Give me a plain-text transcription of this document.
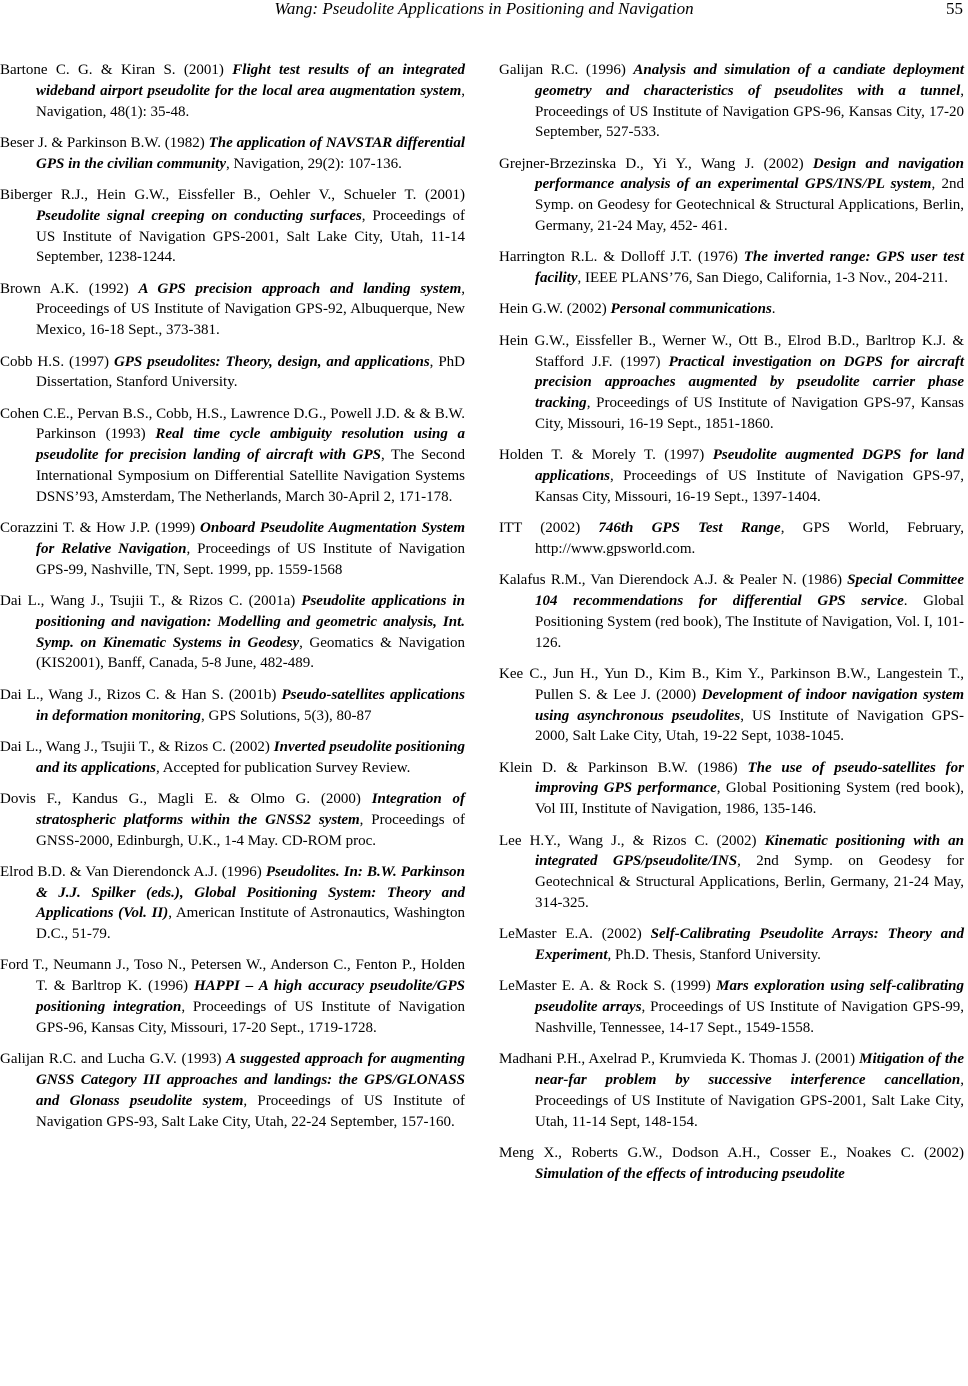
Wang: Pseudolite Applications in Positioning and Navigation	55

Bartone C. G. & Kiran S. (2001) Flight test results of an integrated wideband airport pseudolite for the local area augmentation system, Navigation, 48(1): 35-48.

Beser J. & Parkinson B.W. (1982) The application of NAVSTAR differential GPS in the civilian community, Navigation, 29(2): 107-136.

Biberger R.J., Hein G.W., Eissfeller B., Oehler V., Schueler T. (2001) Pseudolite signal creeping on conducting surfaces, Proceedings of US Institute of Navigation GPS-2001, Salt Lake City, Utah, 11-14 September, 1238-1244.

Brown A.K. (1992) A GPS precision approach and landing system, Proceedings of US Institute of Navigation GPS-92, Albuquerque, New Mexico, 16-18 Sept., 373-381.

Cobb H.S. (1997) GPS pseudolites: Theory, design, and applications, PhD Dissertation, Stanford University.

Cohen C.E., Pervan B.S., Cobb, H.S., Lawrence D.G., Powell J.D. & & B.W. Parkinson (1993) Real time cycle ambiguity resolution using a pseudolite for precision landing of aircraft with GPS, The Second International Symposium on Differential Satellite Navigation Systems DSNS’93, Amsterdam, The Netherlands, March 30-April 2, 171-178.

Corazzini T. & How J.P. (1999) Onboard Pseudolite Augmentation System for Relative Navigation, Proceedings of US Institute of Navigation GPS-99, Nashville, TN, Sept. 1999, pp. 1559-1568

Dai L., Wang J., Tsujii T., & Rizos C. (2001a) Pseudolite applications in positioning and navigation: Modelling and geometric analysis, Int. Symp. on Kinematic Systems in Geodesy, Geomatics & Navigation (KIS2001), Banff, Canada, 5-8 June, 482-489.

Dai L., Wang J., Rizos C. & Han S. (2001b) Pseudo-satellites applications in deformation monitoring, GPS Solutions, 5(3), 80-87

Dai L., Wang J., Tsujii T., & Rizos C. (2002) Inverted pseudolite positioning and its applications, Accepted for publication Survey Review.

Dovis F., Kandus G., Magli E. & Olmo G. (2000) Integration of stratospheric platforms within the GNSS2 system, Proceedings of GNSS-2000, Edinburgh, U.K., 1-4 May. CD-ROM proc.

Elrod B.D. & Van Dierendonck A.J. (1996) Pseudolites. In: B.W. Parkinson & J.J. Spilker (eds.), Global Positioning System: Theory and Applications (Vol. II), American Institute of Astronautics, Washington D.C., 51-79.

Ford T., Neumann J., Toso N., Petersen W., Anderson C., Fenton P., Holden T. & Barltrop K. (1996) HAPPI – A high accuracy pseudolite/GPS positioning integration, Proceedings of US Institute of Navigation GPS-96, Kansas City, Missouri, 17-20 Sept., 1719-1728.

Galijan R.C. and Lucha G.V. (1993) A suggested approach for augmenting GNSS Category III approaches and landings: the GPS/GLONASS and Glonass pseudolite system, Proceedings of US Institute of Navigation GPS-93, Salt Lake City, Utah, 22-24 September, 157-160.

Galijan R.C. (1996) Analysis and simulation of a candiate deployment geometry and characteristics of pseudolites with a tunnel, Proceedings of US Institute of Navigation GPS-96, Kansas City, 17-20 September, 527-533.

Grejner-Brzezinska D., Yi Y., Wang J. (2002) Design and navigation performance analysis of an experimental GPS/INS/PL system, 2nd Symp. on Geodesy for Geotechnical & Structural Applications, Berlin, Germany, 21-24 May, 452- 461.

Harrington R.L. & Dolloff J.T. (1976) The inverted range: GPS user test facility, IEEE PLANS’76, San Diego, California, 1-3 Nov., 204-211.

Hein G.W. (2002) Personal communications.

Hein G.W., Eissfeller B., Werner W., Ott B., Elrod B.D., Barltrop K.J. & Stafford J.F. (1997) Practical investigation on DGPS for aircraft precision approaches augmented by pseudolite carrier phase tracking, Proceedings of US Institute of Navigation GPS-97, Kansas City, Missouri, 16-19 Sept., 1851-1860.

Holden T. & Morely T. (1997) Pseudolite augmented DGPS for land applications, Proceedings of US Institute of Navigation GPS-97, Kansas City, Missouri, 16-19 Sept., 1397-1404.

ITT (2002) 746th GPS Test Range, GPS World, February, http://www.gpsworld.com.

Kalafus R.M., Van Dierendock A.J. & Pealer N. (1986) Special Committee 104 recommendations for differential GPS service. Global Positioning System (red book), The Institute of Navigation, Vol. I, 101-126.

Kee C., Jun H., Yun D., Kim B., Kim Y., Parkinson B.W., Langestein T., Pullen S. & Lee J. (2000) Development of indoor navigation system using asynchronous pseudolites, US Institute of Navigation GPS-2000, Salt Lake City, Utah, 19-22 Sept, 1038-1045.

Klein D. & Parkinson B.W. (1986) The use of pseudo-satellites for improving GPS performance, Global Positioning System (red book), Vol III, Institute of Navigation, 1986, 135-146.

Lee H.Y., Wang J., & Rizos C. (2002) Kinematic positioning with an integrated GPS/pseudolite/INS, 2nd Symp. on Geodesy for Geotechnical & Structural Applications, Berlin, Germany, 21-24 May, 314-325.

LeMaster E.A. (2002) Self-Calibrating Pseudolite Arrays: Theory and Experiment, Ph.D. Thesis, Stanford University.

LeMaster E. A. & Rock S. (1999) Mars exploration using self-calibrating pseudolite arrays, Proceedings of US Institute of Navigation GPS-99, Nashville, Tennessee, 14-17 Sept., 1549-1558.

Madhani P.H., Axelrad P., Krumvieda K. Thomas J. (2001) Mitigation of the near-far problem by successive interference cancellation, Proceedings of US Institute of Navigation GPS-2001, Salt Lake City, Utah, 11-14 Sept, 148-154.

Meng X., Roberts G.W., Dodson A.H., Cosser E., Noakes C. (2002) Simulation of the effects of introducing pseudolite
